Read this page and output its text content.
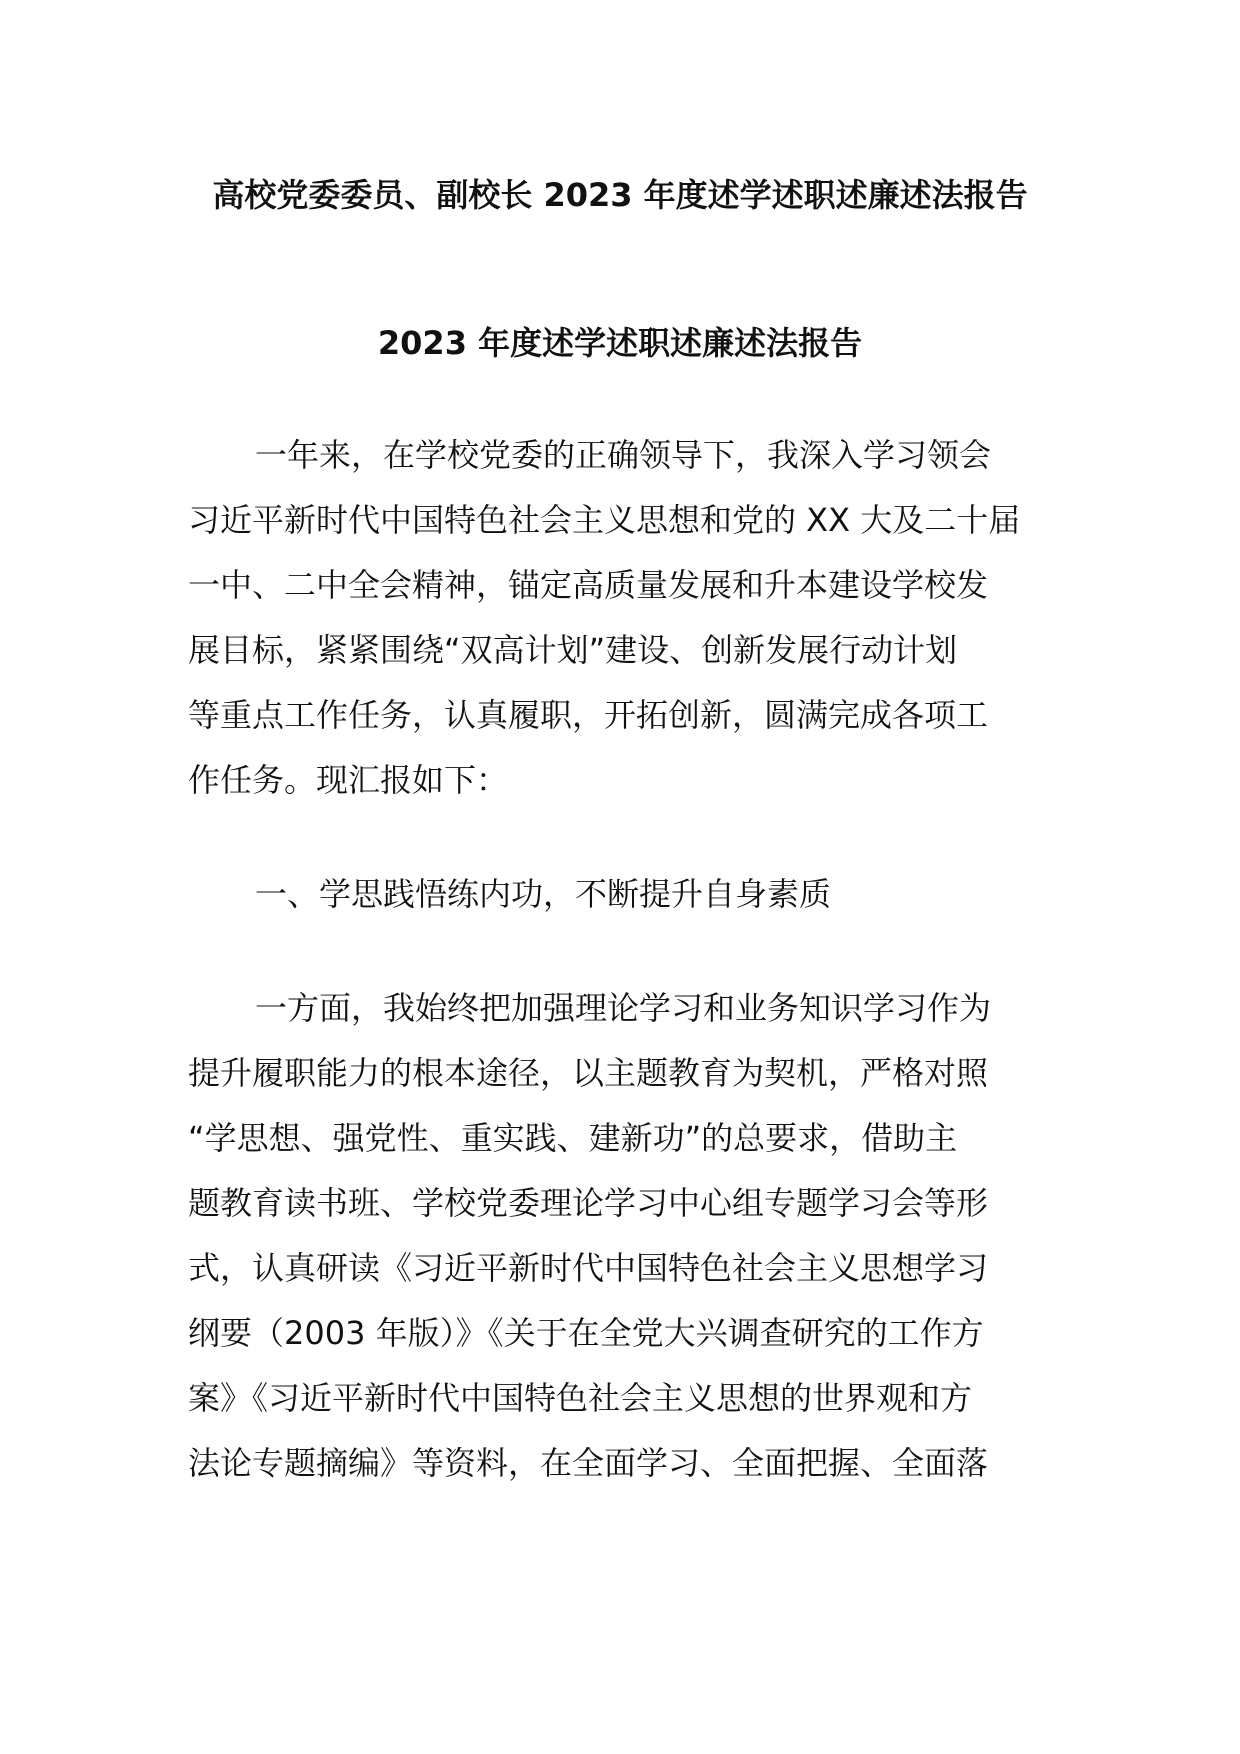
高校党委委员、副校长 2023 年度述学述职述廉述法报告
2023 年度述学述职述廉述法报告
一年来，在学校党委的正确领导下，我深入学习领会
习近平新时代中国特色社会主义思想和党的 XX 大及二十届
一中、二中全会精神，锚定高质量发展和升本建设学校发
展目标，紧紧围绕“双高计划”建设、创新发展行动计划
等重点工作任务，认真履职，开拓创新，圆满完成各项工
作任务。现汇报如下：
一、学思践悟练内功，不断提升自身素质
一方面，我始终把加强理论学习和业务知识学习作为
提升履职能力的根本途径，以主题教育为契机，严格对照
“学思想、强党性、重实践、建新功”的总要求，借助主
题教育读书班、学校党委理论学习中心组专题学习会等形
式，认真研读《习近平新时代中国特色社会主义思想学习
纲要（2003 年版）》《关于在全党大兴调查研究的工作方
案》《习近平新时代中国特色社会主义思想的世界观和方
法论专题摘编》等资料，在全面学习、全面把握、全面落
